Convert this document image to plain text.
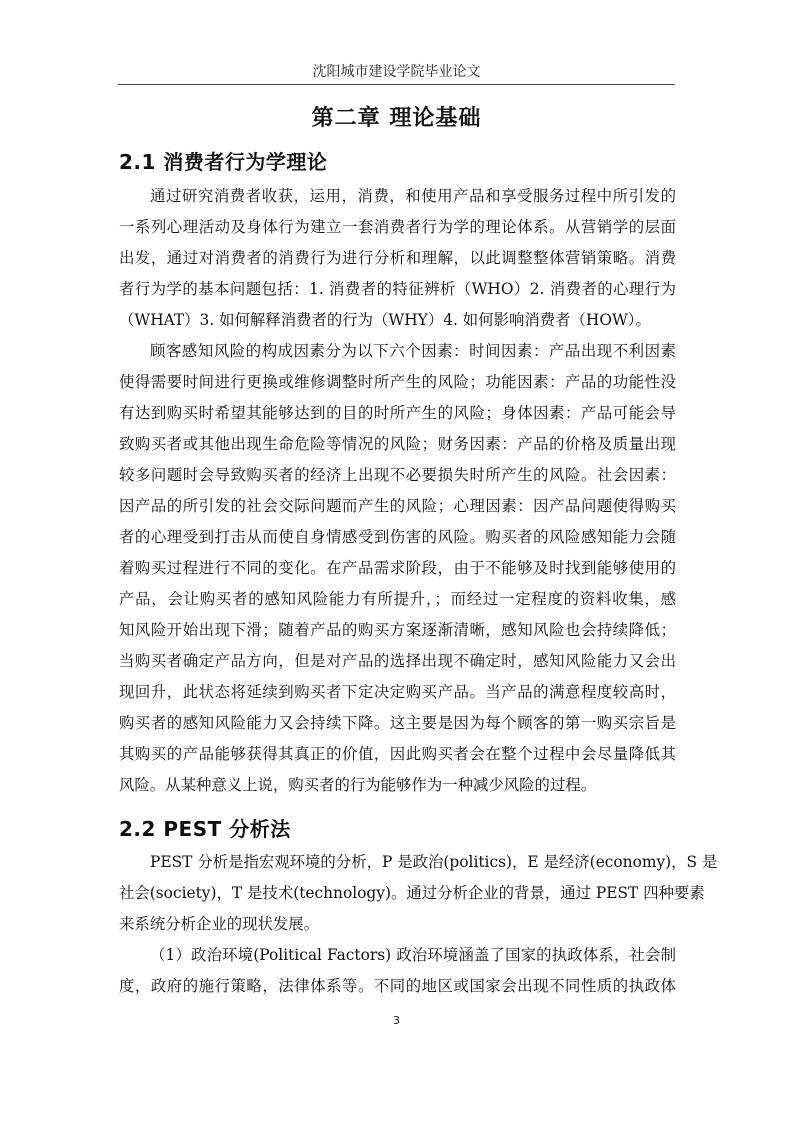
沈阳城市建设学院毕业论文
第二章 理论基础
2.1 消费者行为学理论
通过研究消费者收获，运用，消费，和使用产品和享受服务过程中所引发的
一系列心理活动及身体行为建立一套消费者行为学的理论体系。从营销学的层面
出发，通过对消费者的消费行为进行分析和理解，以此调整整体营销策略。消费
者行为学的基本问题包括：1. 消费者的特征辨析（WHO）2. 消费者的心理行为
（WHAT）3. 如何解释消费者的行为（WHY）4. 如何影响消费者（HOW）。
顾客感知风险的构成因素分为以下六个因素：时间因素：产品出现不利因素
使得需要时间进行更换或维修调整时所产生的风险；功能因素：产品的功能性没
有达到购买时希望其能够达到的目的时所产生的风险；身体因素：产品可能会导
致购买者或其他出现生命危险等情况的风险；财务因素：产品的价格及质量出现
较多问题时会导致购买者的经济上出现不必要损失时所产生的风险。社会因素：
因产品的所引发的社会交际问题而产生的风险；心理因素：因产品问题使得购买
者的心理受到打击从而使自身情感受到伤害的风险。购买者的风险感知能力会随
着购买过程进行不同的变化。在产品需求阶段，由于不能够及时找到能够使用的
产品，会让购买者的感知风险能力有所提升，；而经过一定程度的资料收集，感
知风险开始出现下滑；随着产品的购买方案逐渐清晰，感知风险也会持续降低；
当购买者确定产品方向，但是对产品的选择出现不确定时，感知风险能力又会出
现回升，此状态将延续到购买者下定决定购买产品。当产品的满意程度较高时，
购买者的感知风险能力又会持续下降。这主要是因为每个顾客的第一购买宗旨是
其购买的产品能够获得其真正的价值，因此购买者会在整个过程中会尽量降低其
风险。从某种意义上说，购买者的行为能够作为一种减少风险的过程。
2.2 PEST 分析法
PEST 分析是指宏观环境的分析，P 是政治(politics)，E 是经济(economy)，S 是
社会(society)，T 是技术(technology)。通过分析企业的背景，通过 PEST 四种要素
来系统分析企业的现状发展。
（1）政治环境(Political Factors) 政治环境涵盖了国家的执政体系，社会制
度，政府的施行策略，法律体系等。不同的地区或国家会出现不同性质的执政体
3
